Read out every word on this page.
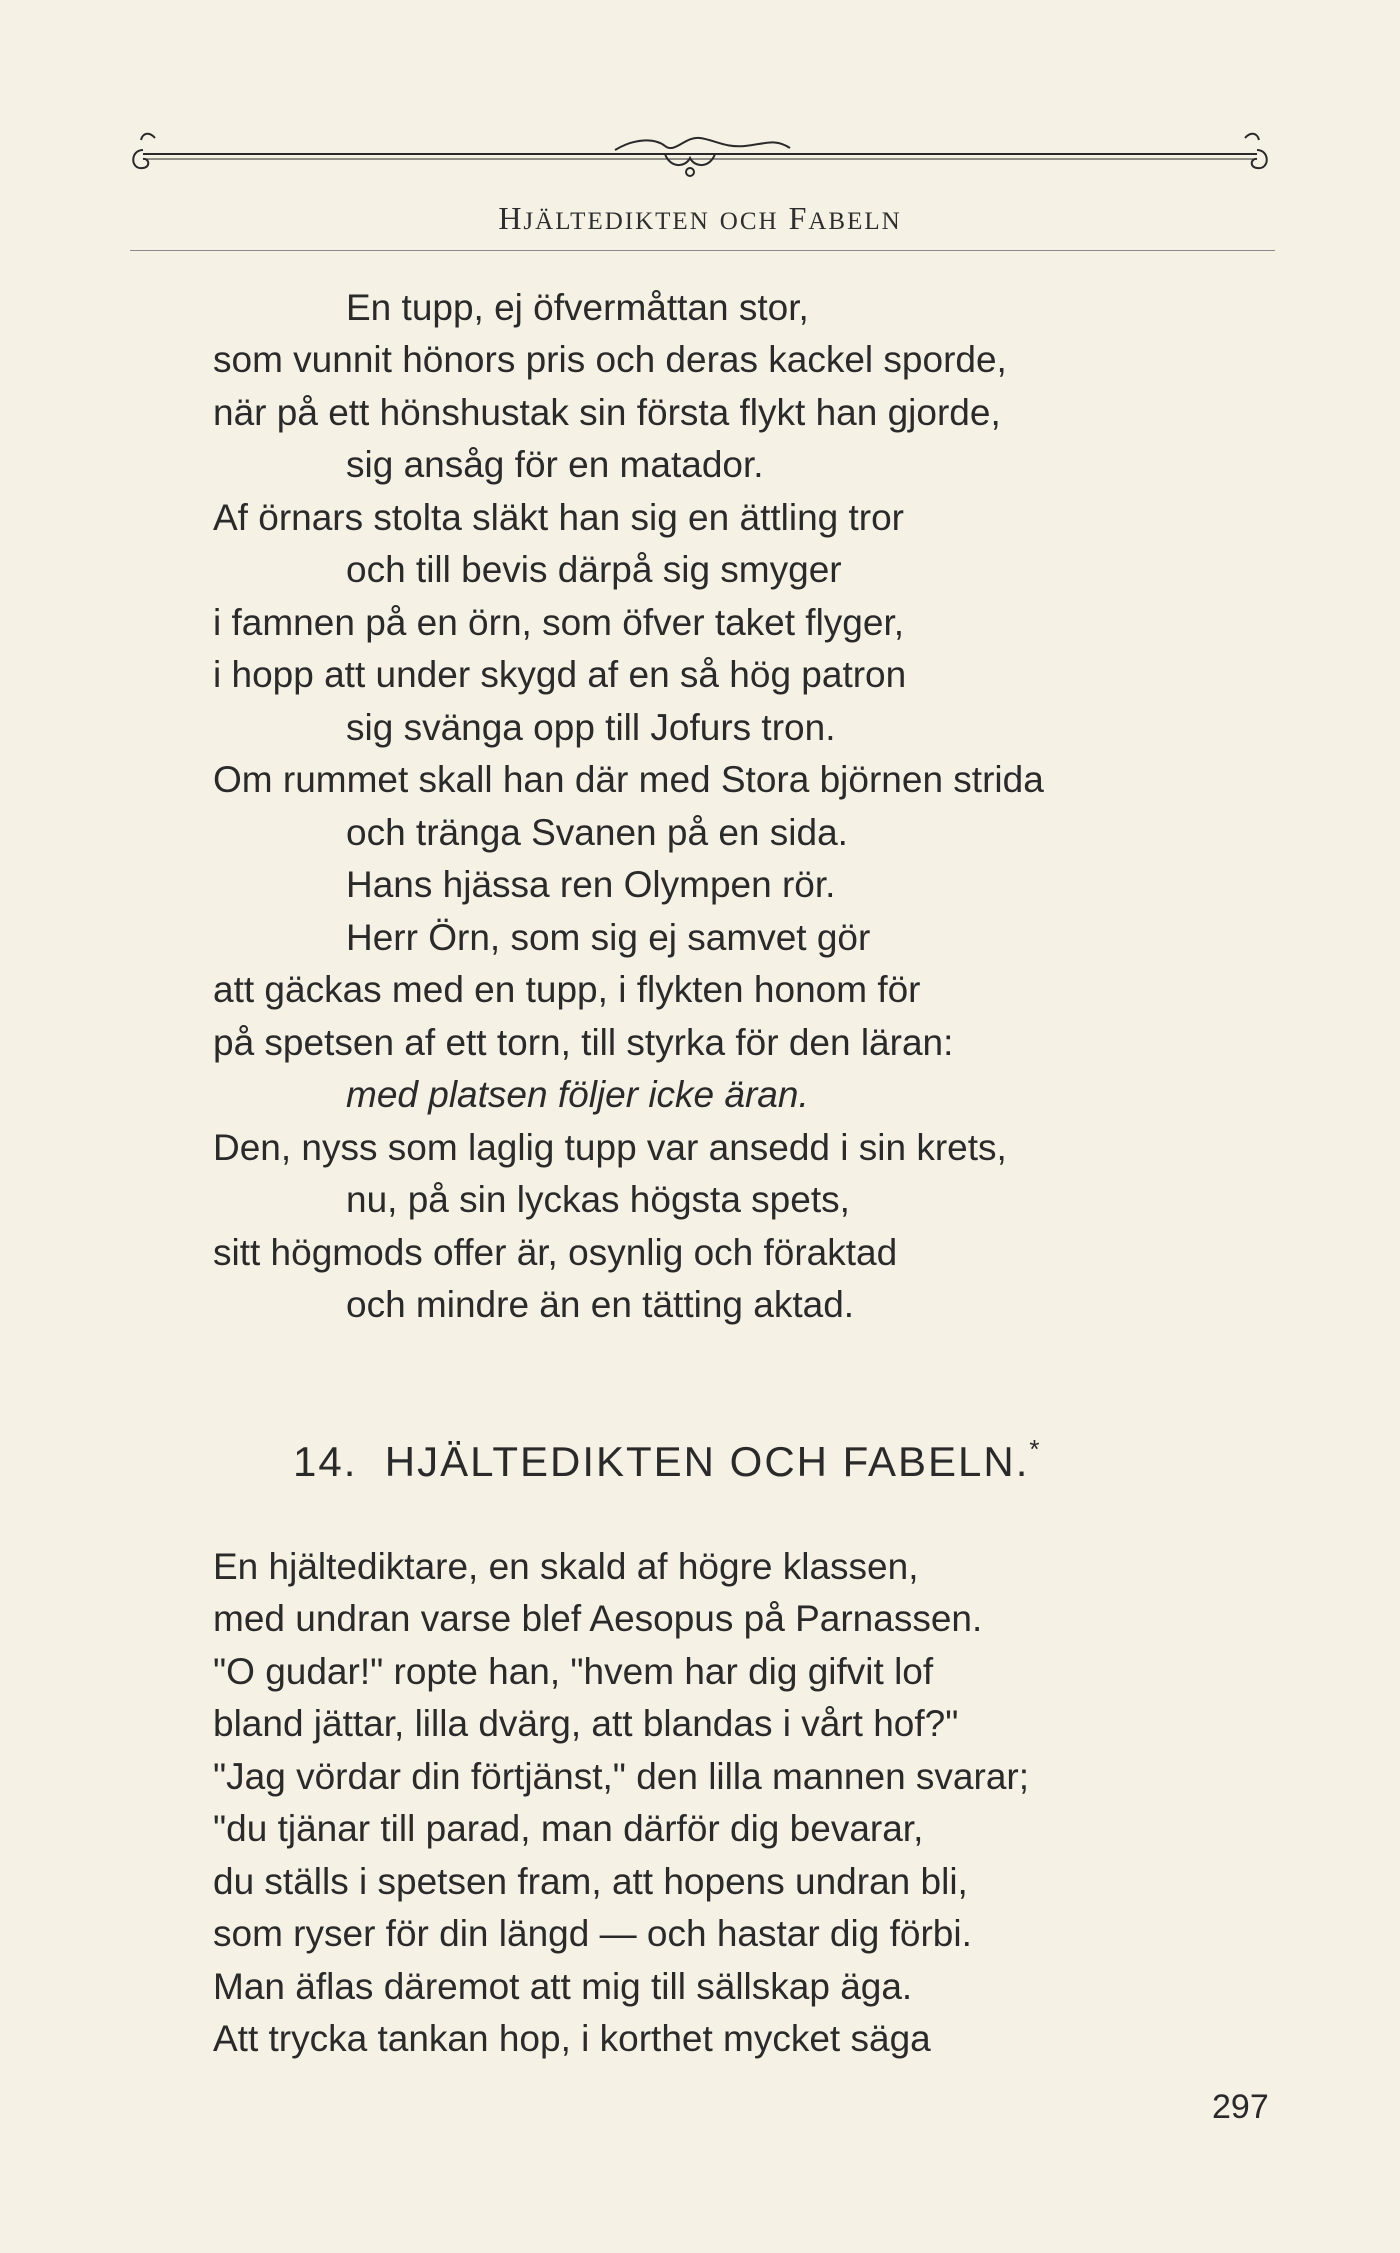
HJÄLTEDIKTEN OCH FABELN
En tupp, ej öfvermåttan stor,
som vunnit hönors pris och deras kackel sporde,
när på ett hönshustak sin första flykt han gjorde,
sig ansåg för en matador.
Af örnars stolta släkt han sig en ättling tror
och till bevis därpå sig smyger
i famnen på en örn, som öfver taket flyger,
i hopp att under skygd af en så hög patron
sig svänga opp till Jofurs tron.
Om rummet skall han där med Stora björnen strida
och tränga Svanen på en sida.
Hans hjässa ren Olympen rör.
Herr Örn, som sig ej samvet gör
att gäckas med en tupp, i flykten honom för
på spetsen af ett torn, till styrka för den läran:
med platsen följer icke äran.
Den, nyss som laglig tupp var ansedd i sin krets,
nu, på sin lyckas högsta spets,
sitt högmods offer är, osynlig och föraktad
och mindre än en tätting aktad.
14. HJÄLTEDIKTEN OCH FABELN.*
En hjältediktare, en skald af högre klassen,
med undran varse blef Aesopus på Parnassen.
"O gudar!" ropte han, "hvem har dig gifvit lof
bland jättar, lilla dvärg, att blandas i vårt hof?"
"Jag vördar din förtjänst," den lilla mannen svarar;
"du tjänar till parad, man därför dig bevarar,
du ställs i spetsen fram, att hopens undran bli,
som ryser för din längd — och hastar dig förbi.
Man äflas däremot att mig till sällskap äga.
Att trycka tankan hop, i korthet mycket säga
297
